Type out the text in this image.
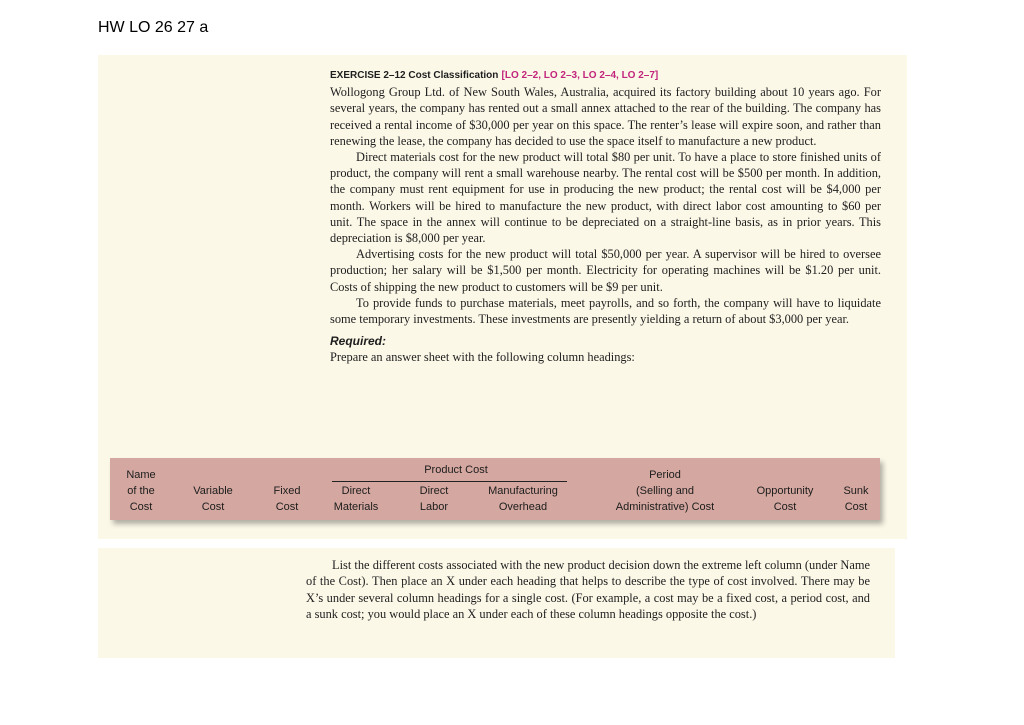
HW LO 26 27 a
EXERCISE 2–12 Cost Classification [LO 2–2, LO 2–3, LO 2–4, LO 2–7]

Wollogong Group Ltd. of New South Wales, Australia, acquired its factory building about 10 years ago. For several years, the company has rented out a small annex attached to the rear of the building. The company has received a rental income of $30,000 per year on this space. The renter’s lease will expire soon, and rather than renewing the lease, the company has decided to use the space itself to manufacture a new product.

Direct materials cost for the new product will total $80 per unit. To have a place to store finished units of product, the company will rent a small warehouse nearby. The rental cost will be $500 per month. In addition, the company must rent equipment for use in producing the new product; the rental cost will be $4,000 per month. Workers will be hired to manufacture the new product, with direct labor cost amounting to $60 per unit. The space in the annex will continue to be depreciated on a straight-line basis, as in prior years. This depreciation is $8,000 per year.

Advertising costs for the new product will total $50,000 per year. A supervisor will be hired to oversee production; her salary will be $1,500 per month. Electricity for operating machines will be $1.20 per unit. Costs of shipping the new product to customers will be $9 per unit.

To provide funds to purchase materials, meet payrolls, and so forth, the company will have to liquidate some temporary investments. These investments are presently yielding a return of about $3,000 per year.

Required:

Prepare an answer sheet with the following column headings:

Name
of the
Cost
Variable
Cost
Fixed
Cost
Product Cost
Direct
Materials
Direct
Labor
Manufacturing
Overhead
Period
(Selling and
Administrative) Cost
Opportunity
Cost
Sunk
Cost

List the different costs associated with the new product decision down the extreme left column (under Name of the Cost). Then place an X under each heading that helps to describe the type of cost involved. There may be X’s under several column headings for a single cost. (For example, a cost may be a fixed cost, a period cost, and a sunk cost; you would place an X under each of these column headings opposite the cost.)
